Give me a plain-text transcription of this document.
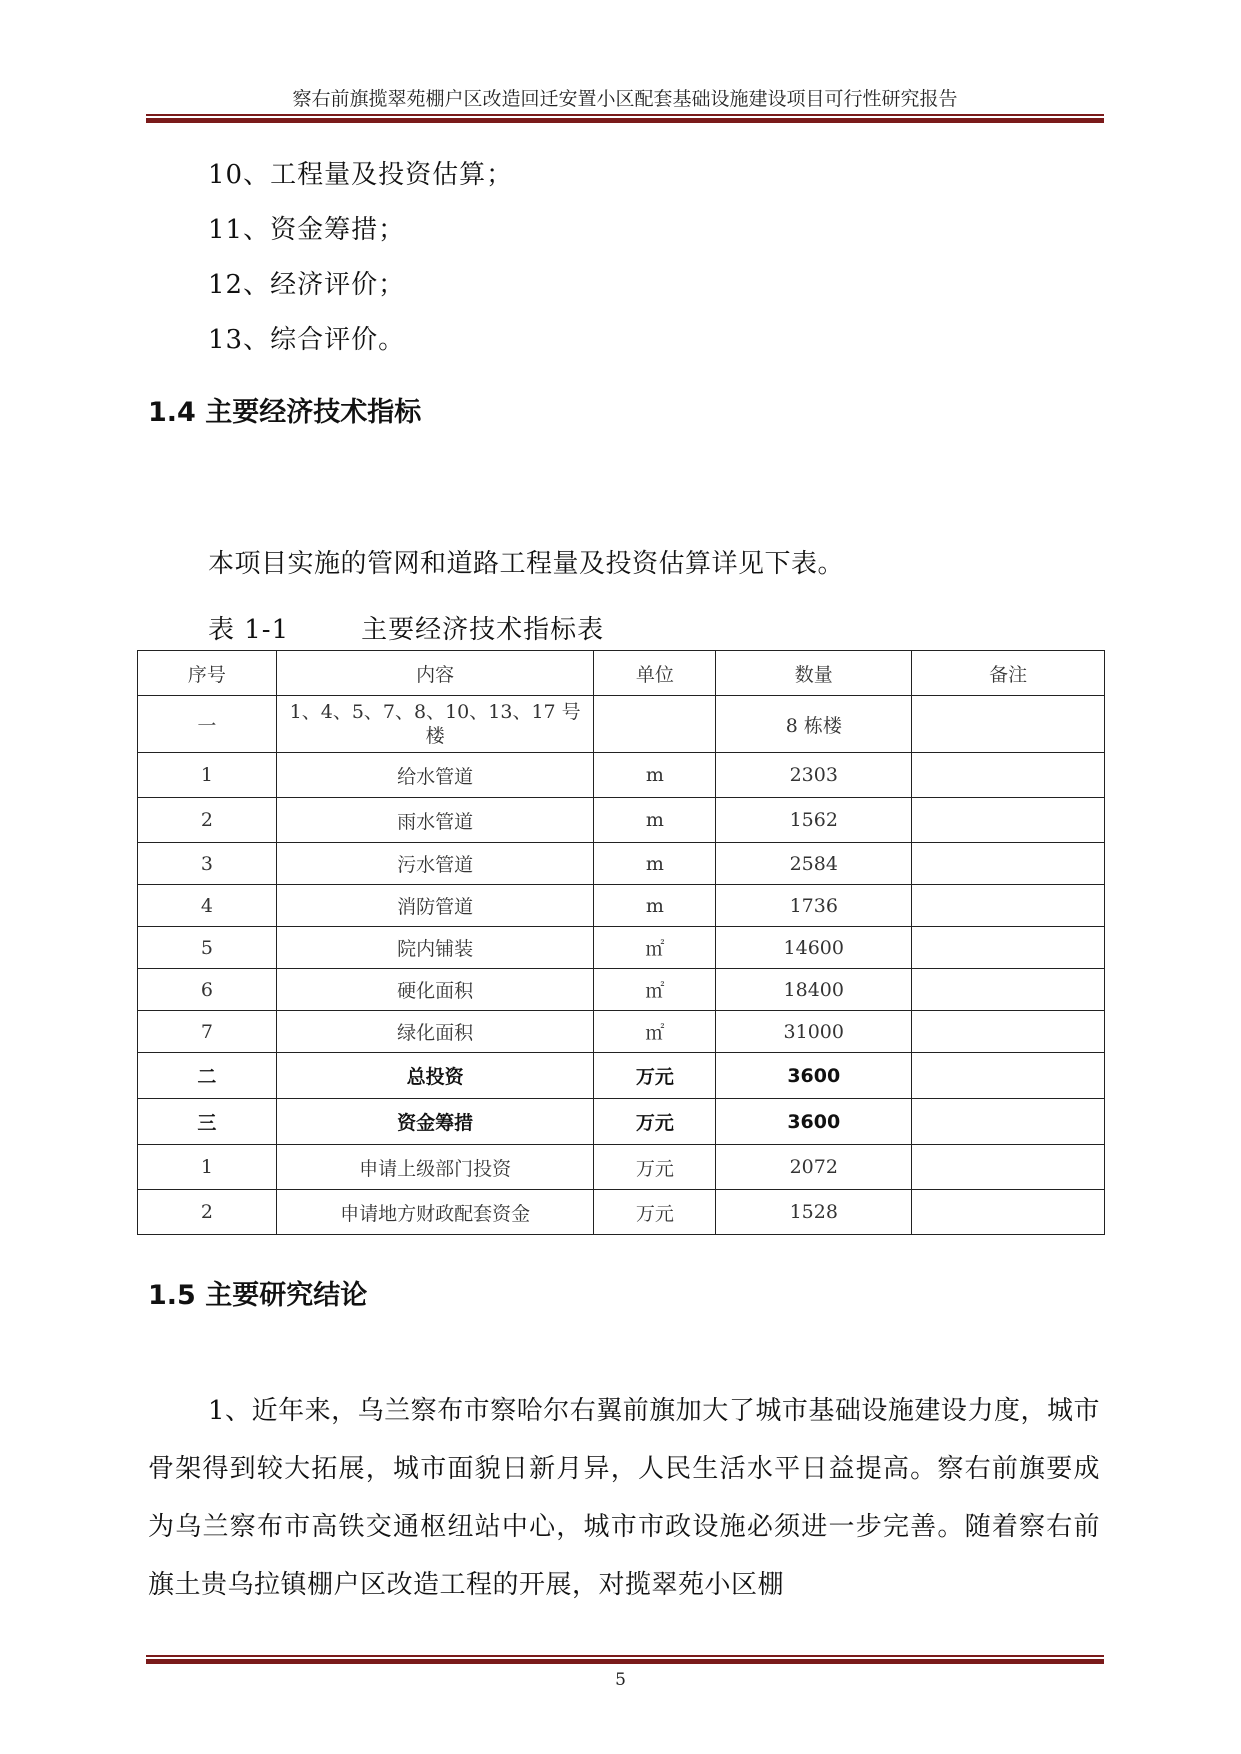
察右前旗揽翠苑棚户区改造回迁安置小区配套基础设施建设项目可行性研究报告
10、工程量及投资估算；
11、资金筹措；
12、经济评价；
13、综合评价。
1.4 主要经济技术指标
本项目实施的管网和道路工程量及投资估算详见下表。
表 1-1	主要经济技术指标表
序号	内容	单位	数量	备注
一	1、4、5、7、8、10、13、17 号楼		8 栋楼	
1	给水管道	m	2303	
2	雨水管道	m	1562	
3	污水管道	m	2584	
4	消防管道	m	1736	
5	院内铺装	㎡	14600	
6	硬化面积	㎡	18400	
7	绿化面积	㎡	31000	
二	总投资	万元	3600	
三	资金筹措	万元	3600	
1	申请上级部门投资	万元	2072	
2	申请地方财政配套资金	万元	1528	
1.5 主要研究结论
1、近年来，乌兰察布市察哈尔右翼前旗加大了城市基础设施建设力度，城市骨架得到较大拓展，城市面貌日新月异，人民生活水平日益提高。察右前旗要成为乌兰察布市高铁交通枢纽站中心，城市市政设施必须进一步完善。随着察右前旗土贵乌拉镇棚户区改造工程的开展，对揽翠苑小区棚
5
